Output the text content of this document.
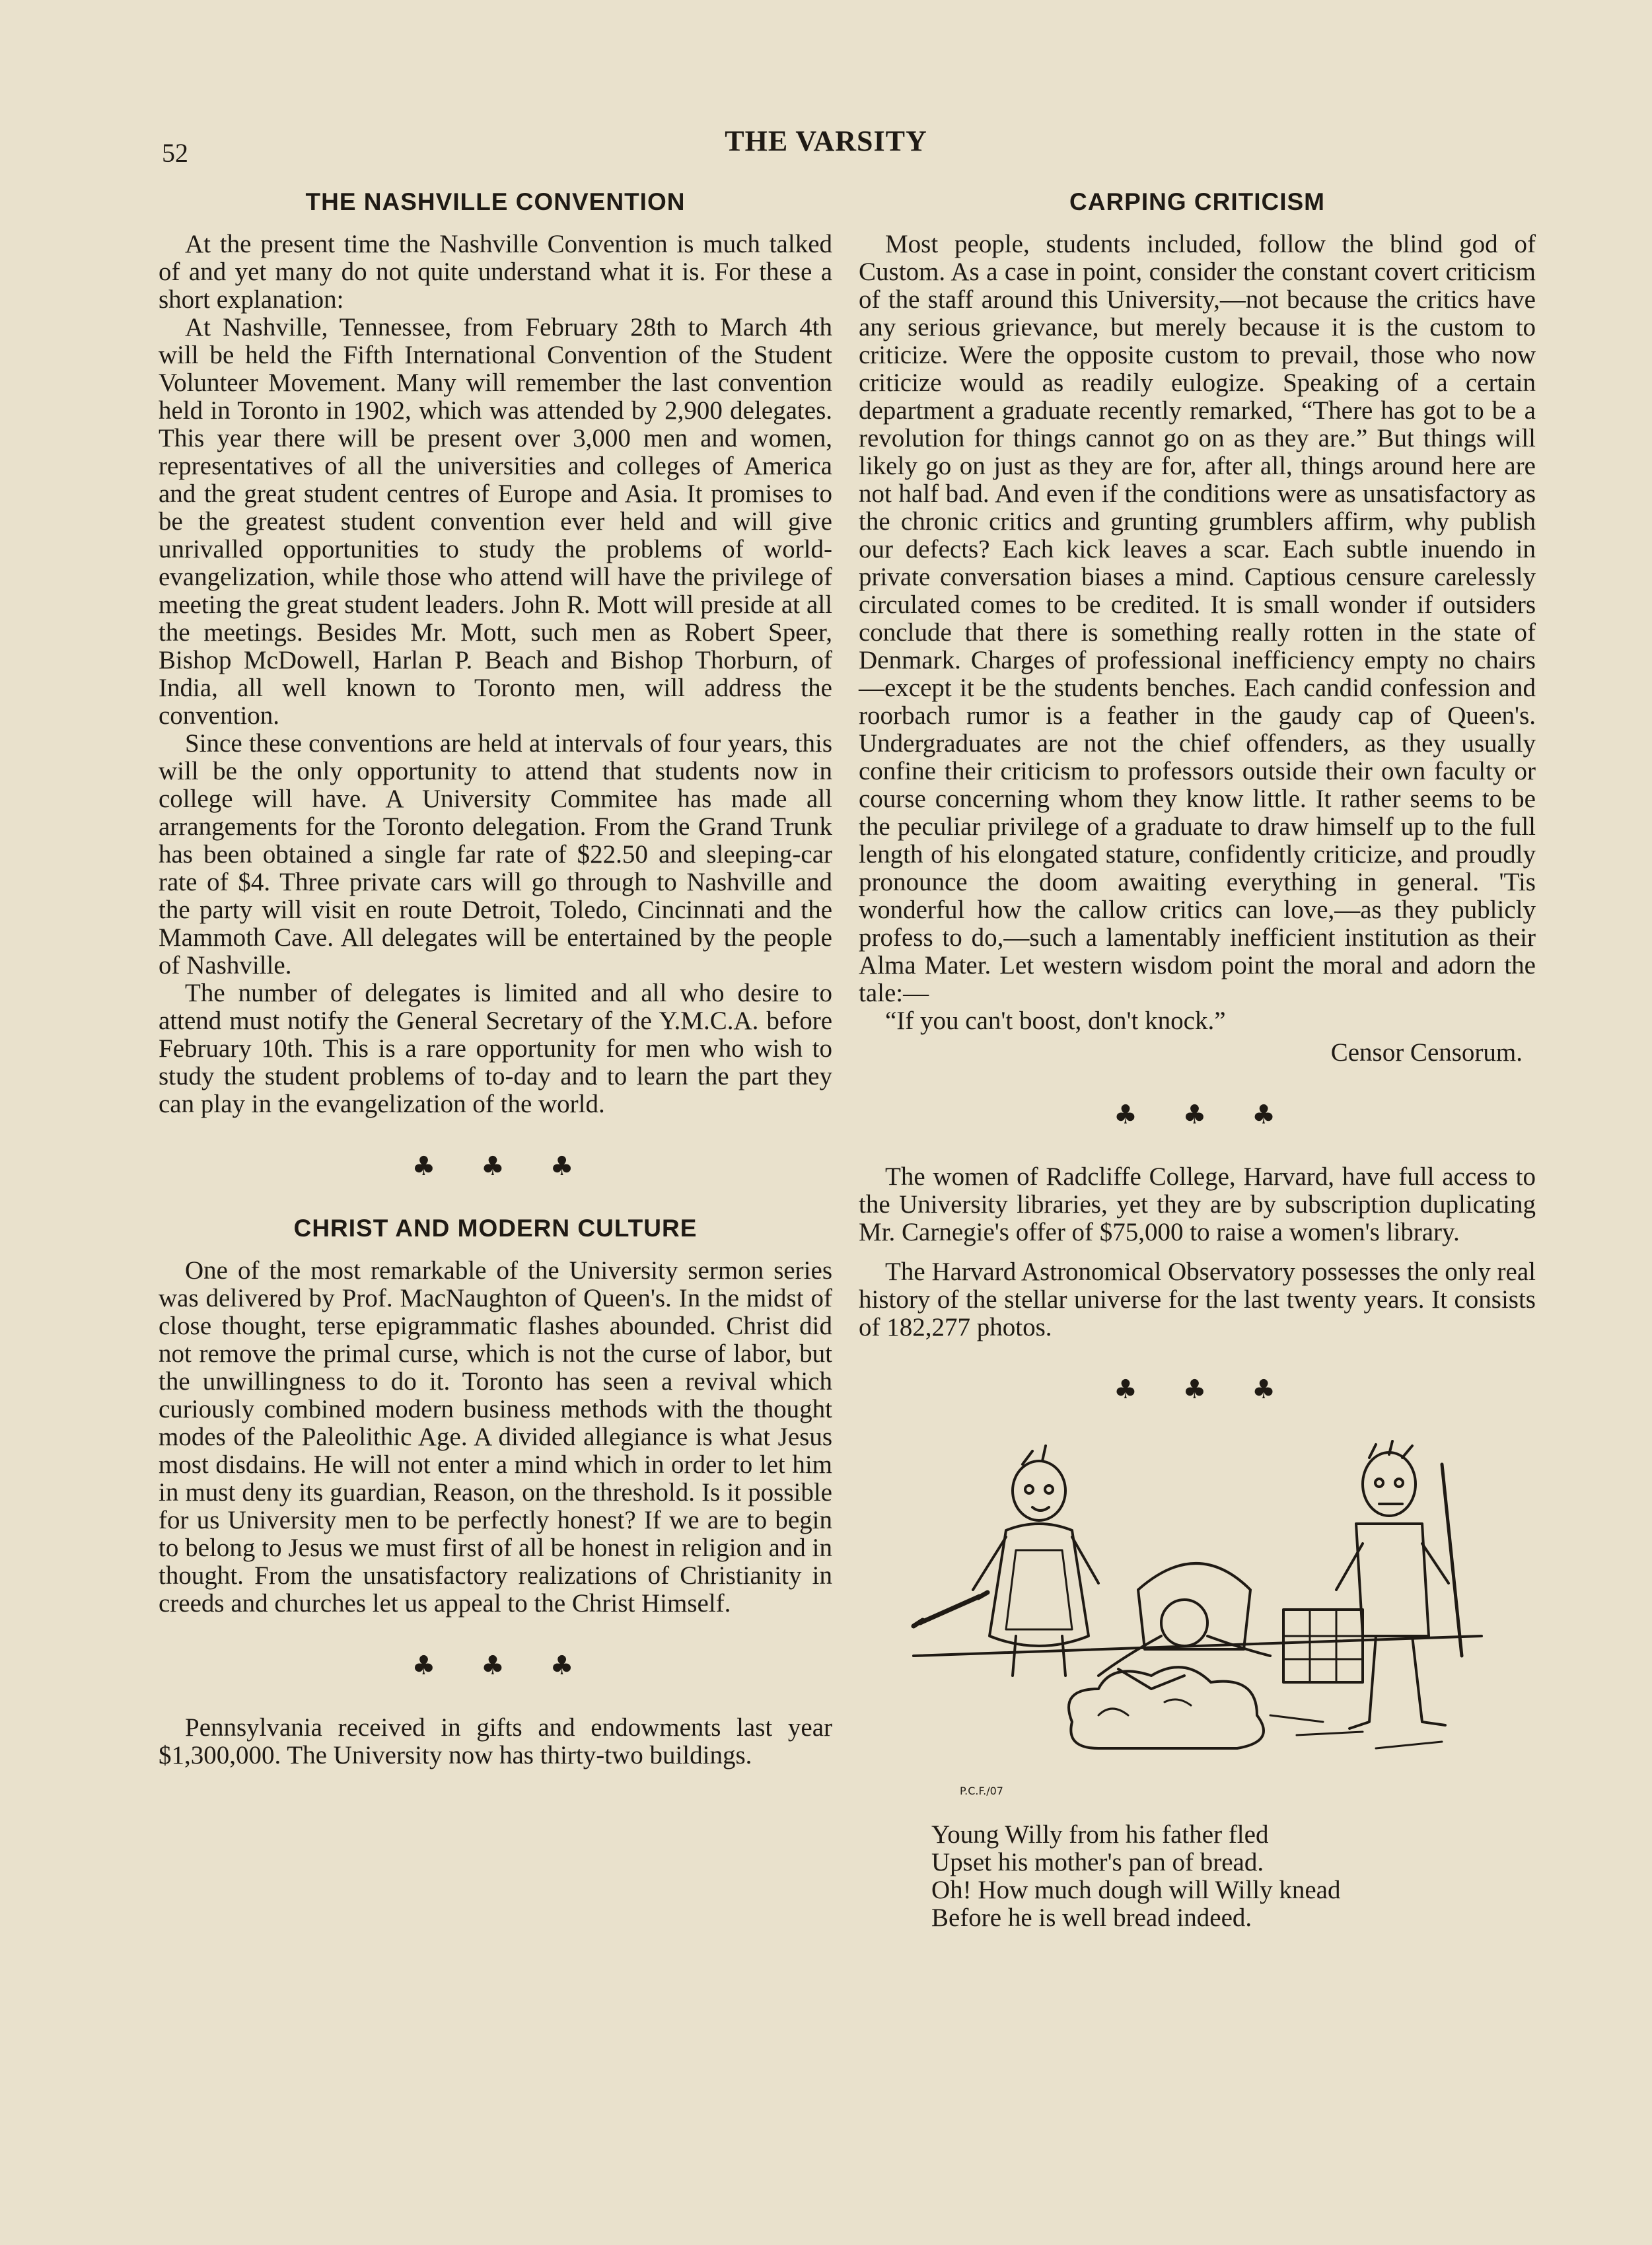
52	THE VARSITY
THE NASHVILLE CONVENTION

At the present time the Nashville Convention is much talked of and yet many do not quite understand what it is. For these a short explanation:

At Nashville, Tennessee, from February 28th to March 4th will be held the Fifth International Convention of the Student Volunteer Movement. Many will remember the last convention held in Toronto in 1902, which was attended by 2,900 delegates. This year there will be present over 3,000 men and women, representatives of all the universities and colleges of America and the great student centres of Europe and Asia. It promises to be the greatest student convention ever held and will give unrivalled opportunities to study the problems of world-evangelization, while those who attend will have the privilege of meeting the great student leaders. John R. Mott will preside at all the meetings. Besides Mr. Mott, such men as Robert Speer, Bishop McDowell, Harlan P. Beach and Bishop Thorburn, of India, all well known to Toronto men, will address the convention.

Since these conventions are held at intervals of four years, this will be the only opportunity to attend that students now in college will have. A University Commitee has made all arrangements for the Toronto delegation. From the Grand Trunk has been obtained a single far rate of $22.50 and sleeping-car rate of $4. Three private cars will go through to Nashville and the party will visit en route Detroit, Toledo, Cincinnati and the Mammoth Cave. All delegates will be entertained by the people of Nashville.

The number of delegates is limited and all who desire to attend must notify the General Secretary of the Y.M.C.A. before February 10th. This is a rare opportunity for men who wish to study the student problems of to-day and to learn the part they can play in the evangelization of the world.

♣ ♣ ♣
CHRIST AND MODERN CULTURE

One of the most remarkable of the University sermon series was delivered by Prof. MacNaughton of Queen's. In the midst of close thought, terse epigrammatic flashes abounded. Christ did not remove the primal curse, which is not the curse of labor, but the unwillingness to do it. Toronto has seen a revival which curiously combined modern business methods with the thought modes of the Paleolithic Age. A divided allegiance is what Jesus most disdains. He will not enter a mind which in order to let him in must deny its guardian, Reason, on the threshold. Is it possible for us University men to be perfectly honest? If we are to begin to belong to Jesus we must first of all be honest in religion and in thought. From the unsatisfactory realizations of Christianity in creeds and churches let us appeal to the Christ Himself.

♣ ♣ ♣

Pennsylvania received in gifts and endowments last year $1,300,000. The University now has thirty-two buildings.

CARPING CRITICISM

Most people, students included, follow the blind god of Custom. As a case in point, consider the constant covert criticism of the staff around this University,—not because the critics have any serious grievance, but merely because it is the custom to criticize. Were the opposite custom to prevail, those who now criticize would as readily eulogize. Speaking of a certain department a graduate recently remarked, “There has got to be a revolution for things cannot go on as they are.” But things will likely go on just as they are for, after all, things around here are not half bad. And even if the conditions were as unsatisfactory as the chronic critics and grunting grumblers affirm, why publish our defects? Each kick leaves a scar. Each subtle inuendo in private conversation biases a mind. Captious censure carelessly circulated comes to be credited. It is small wonder if outsiders conclude that there is something really rotten in the state of Denmark. Charges of professional inefficiency empty no chairs—except it be the students benches. Each candid confession and roorbach rumor is a feather in the gaudy cap of Queen's. Undergraduates are not the chief offenders, as they usually confine their criticism to professors outside their own faculty or course concerning whom they know little. It rather seems to be the peculiar privilege of a graduate to draw himself up to the full length of his elongated stature, confidently criticize, and proudly pronounce the doom awaiting everything in general. 'Tis wonderful how the callow critics can love,—as they publicly profess to do,—such a lamentably inefficient institution as their Alma Mater. Let western wisdom point the moral and adorn the tale:—

“If you can't boost, don't knock.”

Censor Censorum.

♣ ♣ ♣

The women of Radcliffe College, Harvard, have full access to the University libraries, yet they are by subscription duplicating Mr. Carnegie's offer of $75,000 to raise a women's library.

The Harvard Astronomical Observatory possesses the only real history of the stellar universe for the last twenty years. It consists of 182,277 photos.

♣ ♣ ♣
P.C.F./07
Young Willy from his father fled
Upset his mother's pan of bread.
Oh! How much dough will Willy knead
Before he is well bread indeed.
